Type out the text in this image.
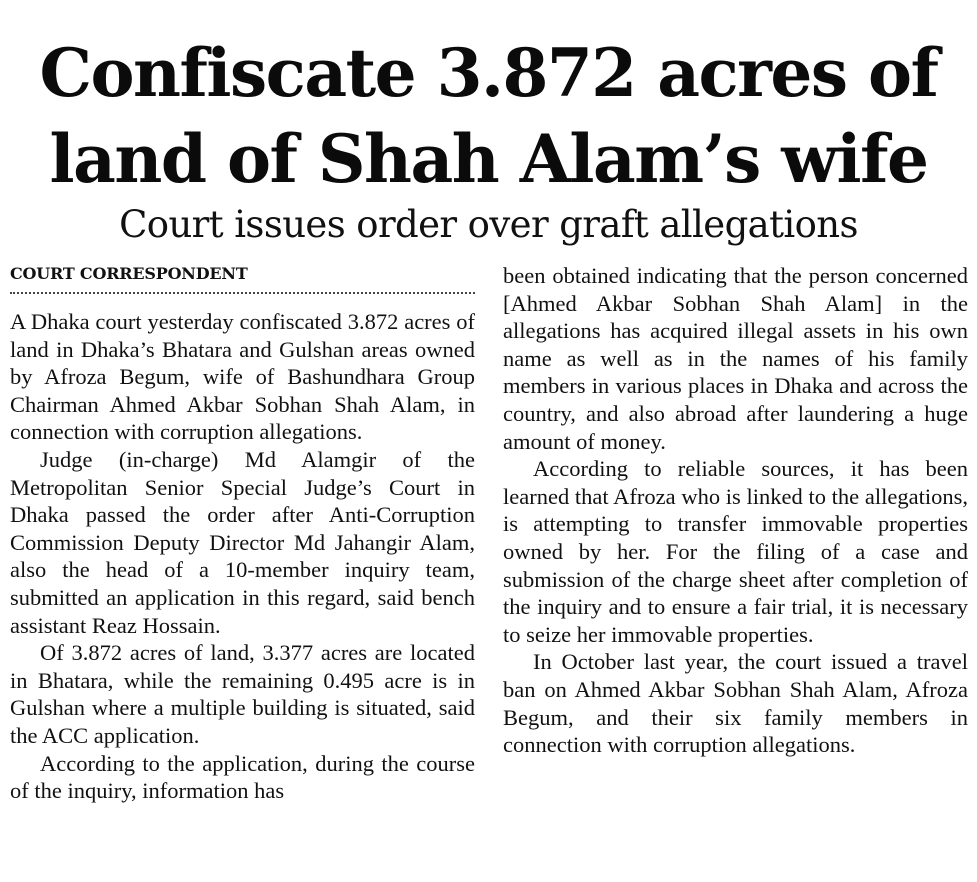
Confiscate 3.872 acres of
land of Shah Alam’s wife
Court issues order over graft allegations
COURT CORRESPONDENT

A Dhaka court yesterday confiscated 3.872 acres of land in Dhaka’s Bhatara and Gulshan areas owned by Afroza Begum, wife of Bashundhara Group Chairman Ahmed Akbar Sobhan Shah Alam, in connection with corruption allegations.

Judge (in-charge) Md Alamgir of the Metropolitan Senior Special Judge’s Court in Dhaka passed the order after Anti-Corruption Commission Deputy Director Md Jahangir Alam, also the head of a 10-member inquiry team, submitted an application in this regard, said bench assistant Reaz Hossain.

Of 3.872 acres of land, 3.377 acres are located in Bhatara, while the remaining 0.495 acre is in Gulshan where a multiple building is situated, said the ACC application.

According to the application, during the course of the inquiry, information has

been obtained indicating that the person concerned [Ahmed Akbar Sobhan Shah Alam] in the allegations has acquired illegal assets in his own name as well as in the names of his family members in various places in Dhaka and across the country, and also abroad after laundering a huge amount of money.

According to reliable sources, it has been learned that Afroza who is linked to the allegations, is attempting to transfer immovable properties owned by her. For the filing of a case and submission of the charge sheet after completion of the inquiry and to ensure a fair trial, it is necessary to seize her immovable properties.

In October last year, the court issued a travel ban on Ahmed Akbar Sobhan Shah Alam, Afroza Begum, and their six family members in connection with corruption allegations.
